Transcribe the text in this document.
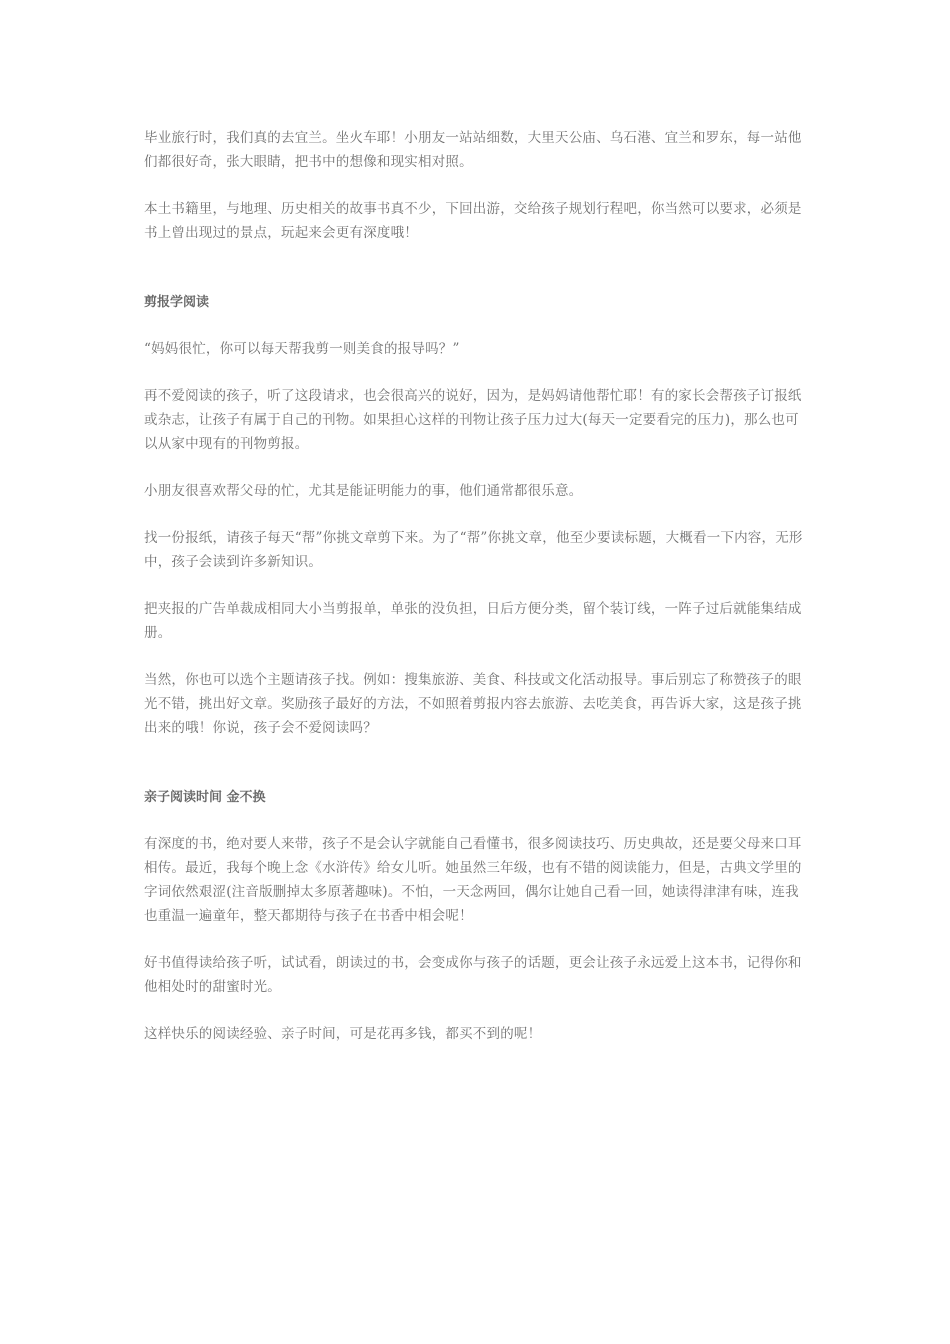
毕业旅行时，我们真的去宜兰。坐火车耶！小朋友一站站细数，大里天公庙、乌石港、宜兰和罗东，每一站他们都很好奇，张大眼睛，把书中的想像和现实相对照。

本土书籍里，与地理、历史相关的故事书真不少，下回出游，交给孩子规划行程吧，你当然可以要求，必须是书上曾出现过的景点，玩起来会更有深度哦！

剪报学阅读

“妈妈很忙，你可以每天帮我剪一则美食的报导吗？”

再不爱阅读的孩子，听了这段请求，也会很高兴的说好，因为，是妈妈请他帮忙耶！有的家长会帮孩子订报纸或杂志，让孩子有属于自己的刊物。如果担心这样的刊物让孩子压力过大(每天一定要看完的压力)，那么也可以从家中现有的刊物剪报。

小朋友很喜欢帮父母的忙，尤其是能证明能力的事，他们通常都很乐意。

找一份报纸，请孩子每天“帮”你挑文章剪下来。为了“帮”你挑文章，他至少要读标题，大概看一下内容，无形中，孩子会读到许多新知识。

把夹报的广告单裁成相同大小当剪报单，单张的没负担，日后方便分类，留个装订线，一阵子过后就能集结成册。

当然，你也可以选个主题请孩子找。例如：搜集旅游、美食、科技或文化活动报导。事后别忘了称赞孩子的眼光不错，挑出好文章。奖励孩子最好的方法，不如照着剪报内容去旅游、去吃美食，再告诉大家，这是孩子挑出来的哦！你说，孩子会不爱阅读吗？

亲子阅读时间 金不换

有深度的书，绝对要人来带，孩子不是会认字就能自己看懂书，很多阅读技巧、历史典故，还是要父母来口耳相传。最近，我每个晚上念《水浒传》给女儿听。她虽然三年级，也有不错的阅读能力，但是，古典文学里的字词依然艰涩(注音版删掉太多原著趣味)。不怕，一天念两回，偶尔让她自己看一回，她读得津津有味，连我也重温一遍童年，整天都期待与孩子在书香中相会呢！

好书值得读给孩子听，试试看，朗读过的书，会变成你与孩子的话题，更会让孩子永远爱上这本书，记得你和他相处时的甜蜜时光。

这样快乐的阅读经验、亲子时间，可是花再多钱，都买不到的呢！
